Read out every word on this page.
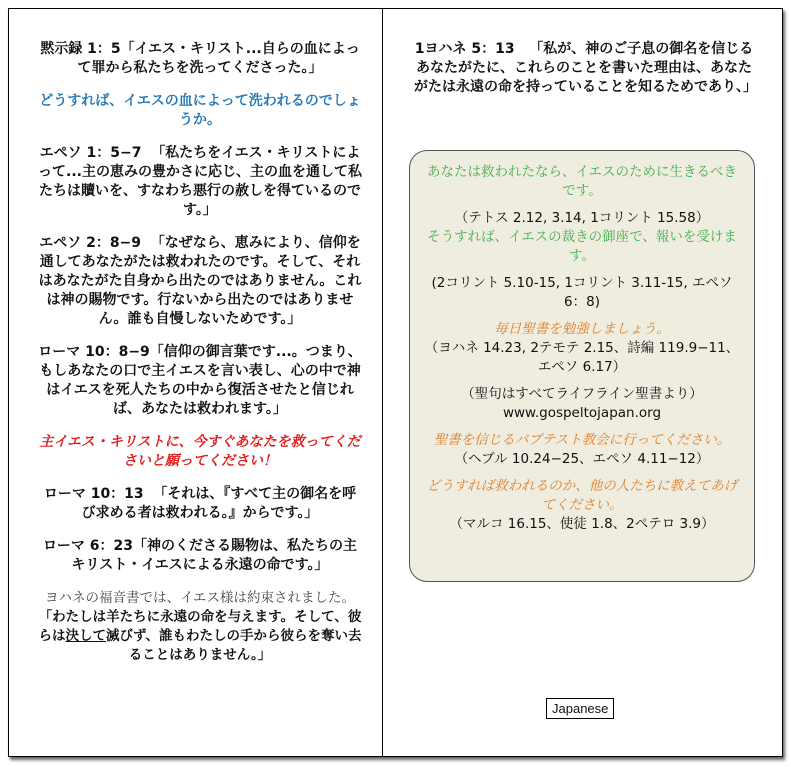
黙示録 1：5「イエス・キリスト...自らの血によって罪から私たちを洗ってくださった。」

どうすれば、イエスの血によって洗われるのでしょうか。

エペソ 1：5−7 「私たちをイエス・キリストによって...主の恵みの豊かさに応じ、主の血を通して私たちは贖いを、すなわち悪行の赦しを得ているのです。」

エペソ 2：8−9 「なぜなら、恵みにより、信仰を通してあなたがたは救われたのです。そして、それはあなたがた自身から出たのではありません。これは神の賜物です。行ないから出たのではありません。誰も自慢しないためです。」

ローマ 10：8−9「信仰の御言葉です...。つまり、もしあなたの口で主イエスを言い表し、心の中で神はイエスを死人たちの中から復活させたと信じれば、あなたは救われます。」

主イエス・キリストに、今すぐあなたを救ってくださいと願ってください！

ローマ 10：13 「それは、『すべて主の御名を呼び求める者は救われる。』からです。」

ローマ 6：23「神のくださる賜物は、私たちの主キリスト・イエスによる永遠の命です。」

ヨハネの福音書では、イエス様は約束されました。「わたしは羊たちに永遠の命を与えます。そして、彼らは決して滅びず、誰もわたしの手から彼らを奪い去ることはありません。」

1ヨハネ 5：13 「私が、神のご子息の御名を信じるあなたがたに、これらのことを書いた理由は、あなたがたは永遠の命を持っていることを知るためであり、」

あなたは救われたなら、イエスのために生きるべきです。

（テトス 2.12, 3.14, 1コリント 15.58）

そうすれば、イエスの裁きの御座で、報いを受けます。

(2コリント 5.10-15, 1コリント 3.11-15, エペソ 6：8)

毎日聖書を勉強しましょう。

（ヨハネ 14.23, 2テモテ 2.15、詩編 119.9−11、エペソ 6.17）

（聖句はすべてライフライン聖書より）

www.gospeltojapan.org

聖書を信じるバプテスト教会に行ってください。

（ヘブル 10.24−25、エペソ 4.11−12）

どうすれば救われるのか、他の人たちに教えてあげてください。

（マルコ 16.15、使徒 1.8、2ペテロ 3.9）

Japanese
